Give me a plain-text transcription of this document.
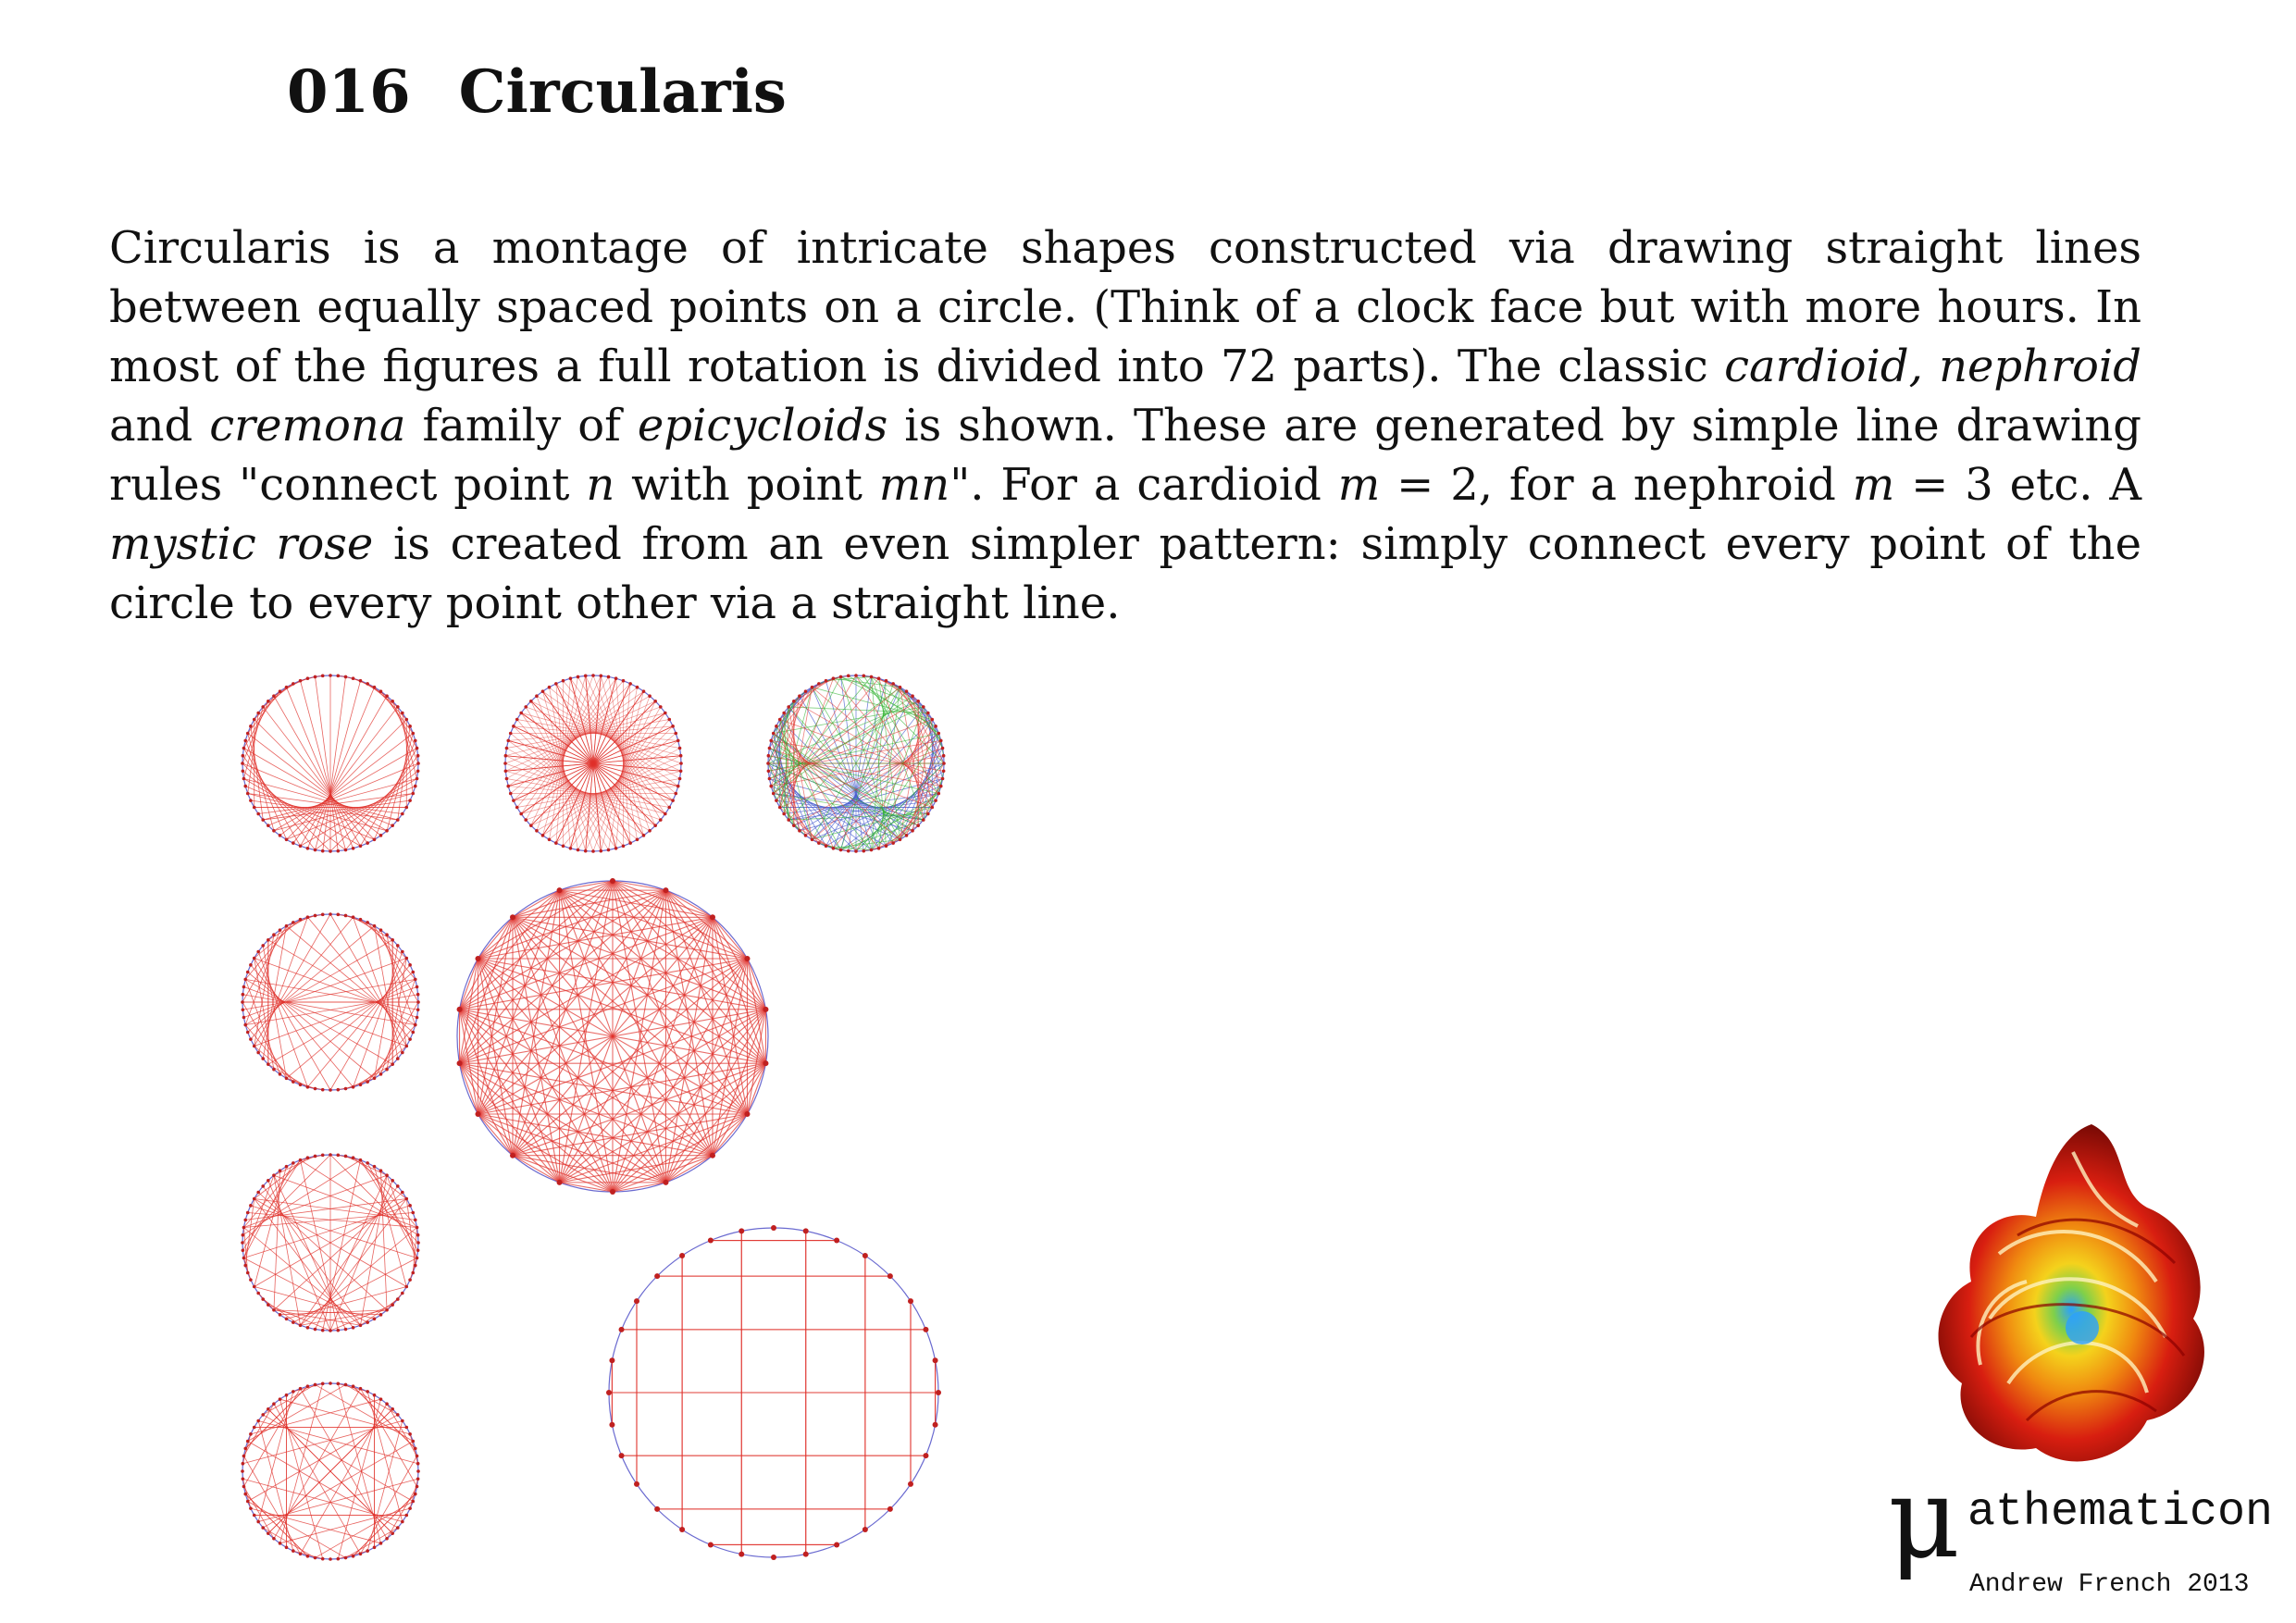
016 Circularis
Circularis is a montage of intricate shapes constructed via drawing straight lines between equally spaced points on a circle. (Think of a clock face but with more hours. In most of the figures a full rotation is divided into 72 parts). The classic cardioid, nephroid and cremona family of epicycloids is shown. These are generated by simple line drawing rules "connect point n with point mn". For a cardioid m = 2, for a nephroid m = 3 etc. A mystic rose is created from an even simpler pattern: simply connect every point of the circle to every point other via a straight line.
μ athematicon
Andrew French 2013
